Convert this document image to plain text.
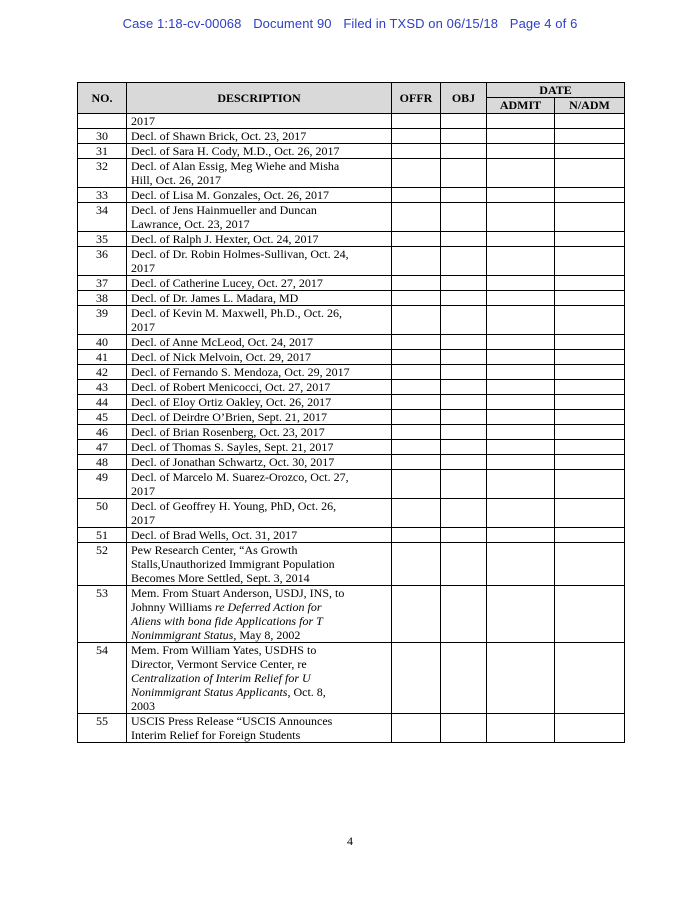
Case 1:18-cv-00068 Document 90 Filed in TXSD on 06/15/18 Page 4 of 6
NO.	DESCRIPTION	OFFR	OBJ	DATE	
				ADMIT	N/ADM

	2017				

30	Decl. of Shawn Brick, Oct. 23, 2017				

31	Decl. of Sara H. Cody, M.D., Oct. 26, 2017				

32	Decl. of Alan Essig, Meg Wiehe and Misha
Hill, Oct. 26, 2017				

33	Decl. of Lisa M. Gonzales, Oct. 26, 2017				

34	Decl. of Jens Hainmueller and Duncan
Lawrance, Oct. 23, 2017				

35	Decl. of Ralph J. Hexter, Oct. 24, 2017				

36	Decl. of Dr. Robin Holmes-Sullivan, Oct. 24,
2017				

37	Decl. of Catherine Lucey, Oct. 27, 2017				

38	Decl. of Dr. James L. Madara, MD				

39	Decl. of Kevin M. Maxwell, Ph.D., Oct. 26,
2017				

40	Decl. of Anne McLeod, Oct. 24, 2017				

41	Decl. of Nick Melvoin, Oct. 29, 2017				

42	Decl. of Fernando S. Mendoza, Oct. 29, 2017				

43	Decl. of Robert Menicocci, Oct. 27, 2017				

44	Decl. of Eloy Ortiz Oakley, Oct. 26, 2017				

45	Decl. of Deirdre O’Brien, Sept. 21, 2017				

46	Decl. of Brian Rosenberg, Oct. 23, 2017				

47	Decl. of Thomas S. Sayles, Sept. 21, 2017				

48	Decl. of Jonathan Schwartz, Oct. 30, 2017				

49	Decl. of Marcelo M. Suarez-Orozco, Oct. 27,
2017				

50	Decl. of Geoffrey H. Young, PhD, Oct. 26,
2017				

51	Decl. of Brad Wells, Oct. 31, 2017				

52	Pew Research Center, “As Growth
Stalls,Unauthorized Immigrant Population
Becomes More Settled, Sept. 3, 2014				

53	Mem. From Stuart Anderson, USDJ, INS, to
Johnny Williams re Deferred Action for
Aliens with bona fide Applications for T
Nonimmigrant Status, May 8, 2002				

54	Mem. From William Yates, USDHS to
Director, Vermont Service Center, re
Centralization of Interim Relief for U
Nonimmigrant Status Applicants, Oct. 8,
2003				

55	USCIS Press Release “USCIS Announces
Interim Relief for Foreign Students				

4
